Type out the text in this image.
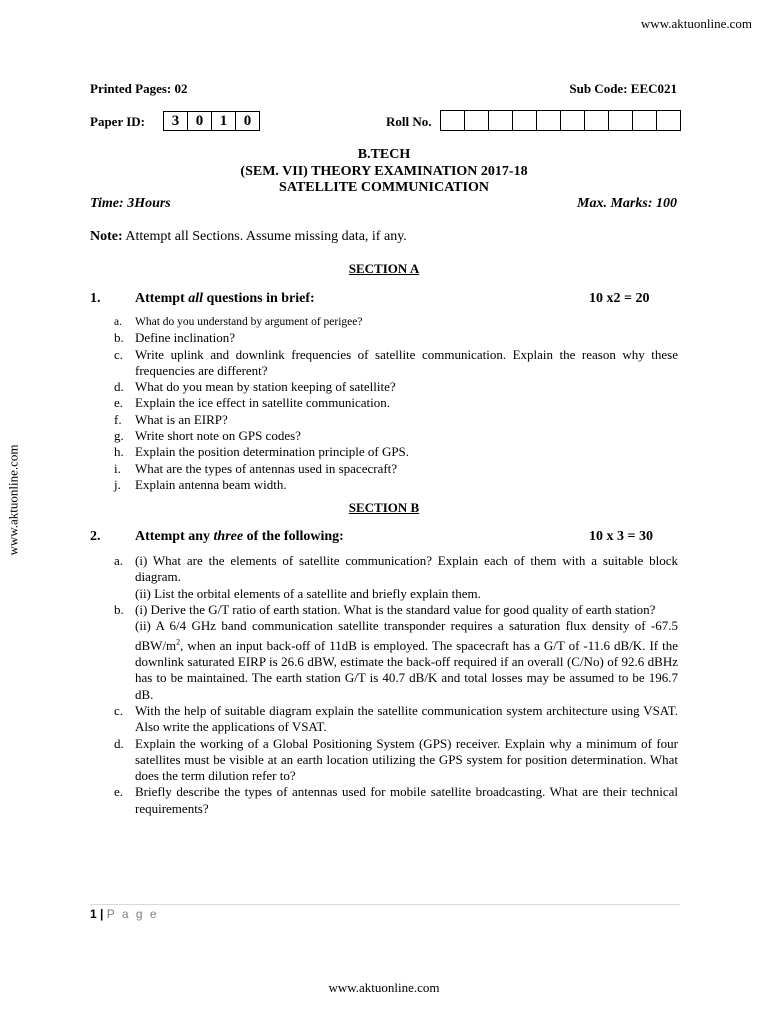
www.aktuonline.com
www.aktuonline.com
Printed Pages: 02	Sub Code: EEC021
Paper ID:	3	0	1	0	Roll No.
B.TECH
(SEM. VII) THEORY EXAMINATION 2017-18
SATELLITE COMMUNICATION
Time: 3Hours	Max. Marks: 100
Note: Attempt all Sections. Assume missing data, if any.
SECTION A
1. Attempt all questions in brief:	10 x2 = 20
a.	What do you understand by argument of perigee?
b. Define inclination?
c. Write uplink and downlink frequencies of satellite communication. Explain the reason why these frequencies are different?
d. What do you mean by station keeping of satellite?
e. Explain the ice effect in satellite communication.
f.	What is an EIRP?
g. Write short note on GPS codes?
h. Explain the position determination principle of GPS.
i.	What are the types of antennas used in spacecraft?
j.	Explain antenna beam width.
SECTION B
2. Attempt any three of the following:	10 x 3 = 30
a. (i) What are the elements of satellite communication? Explain each of them with a suitable block diagram.
(ii) List the orbital elements of a satellite and briefly explain them.
b. (i) Derive the G/T ratio of earth station. What is the standard value for good quality of earth station?
(ii) A 6/4 GHz band communication satellite transponder requires a saturation flux density of -67.5 dBW/$m^2$, when an input back-off of 11dB is employed. The spacecraft has a G/T of -11.6 dB/K. If the downlink saturated EIRP is 26.6 dBW, estimate the back-off required if an overall (C/No) of 92.6 dBHz has to be maintained. The earth station G/T is 40.7 dB/K and total losses may be assumed to be 196.7 dB.
c. With the help of suitable diagram explain the satellite communication system architecture using VSAT. Also write the applications of VSAT.
d. Explain the working of a Global Positioning System (GPS) receiver. Explain why a minimum of four satellites must be visible at an earth location utilizing the GPS system for position determination. What does the term dilution refer to?
e. Briefly describe the types of antennas used for mobile satellite broadcasting. What are their technical requirements?
1 | P a g e
www.aktuonline.com
